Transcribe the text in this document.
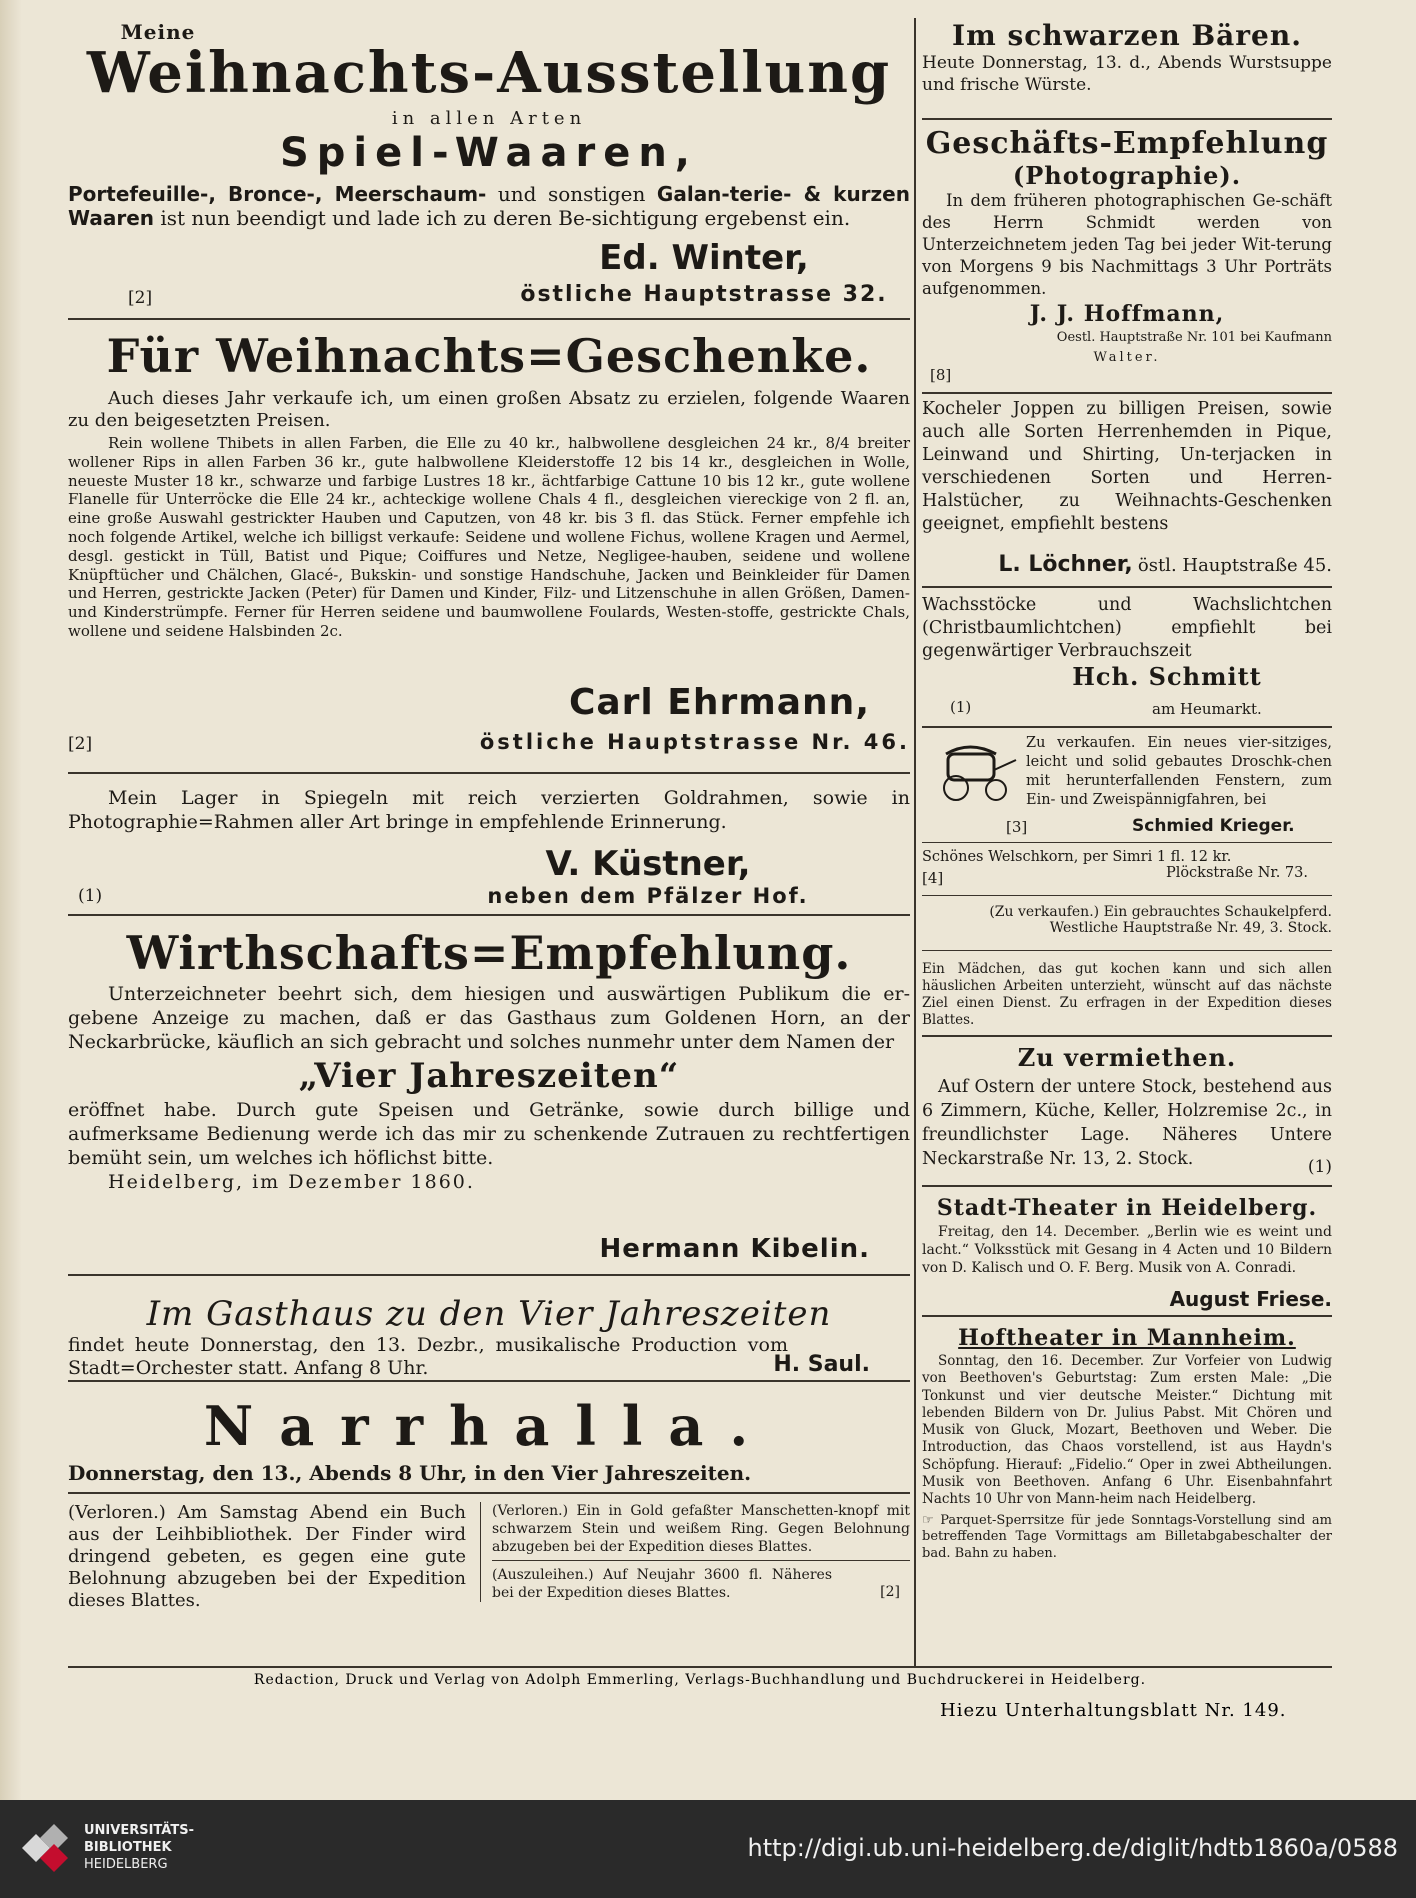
Meine
Weihnachts-Ausstellung
in allen Arten
Spiel-Waaren,
Portefeuille-, Bronce-, Meerschaum- und sonstigen Galan-terie- & kurzen Waaren ist nun beendigt und lade ich zu deren Be-sichtigung ergebenst ein.
Ed. Winter,
östliche Hauptstrasse 32.
[2]
Für Weihnachts=Geschenke.
Auch dieses Jahr verkaufe ich, um einen großen Absatz zu erzielen, folgende Waaren zu den beigesetzten Preisen.
Rein wollene Thibets in allen Farben, die Elle zu 40 kr., halbwollene desgleichen 24 kr., 8/4 breiter wollener Rips in allen Farben 36 kr., gute halbwollene Kleiderstoffe 12 bis 14 kr., desgleichen in Wolle, neueste Muster 18 kr., schwarze und farbige Lustres 18 kr., ächtfarbige Cattune 10 bis 12 kr., gute wollene Flanelle für Unterröcke die Elle 24 kr., achteckige wollene Chals 4 fl., desgleichen viereckige von 2 fl. an, eine große Auswahl gestrickter Hauben und Caputzen, von 48 kr. bis 3 fl. das Stück. Ferner empfehle ich noch folgende Artikel, welche ich billigst verkaufe: Seidene und wollene Fichus, wollene Kragen und Aermel, desgl. gestickt in Tüll, Batist und Pique; Coiffures und Netze, Negligee-hauben, seidene und wollene Knüpftücher und Chälchen, Glacé-, Bukskin- und sonstige Handschuhe, Jacken und Beinkleider für Damen und Herren, gestrickte Jacken (Peter) für Damen und Kinder, Filz- und Litzenschuhe in allen Größen, Damen- und Kinderstrümpfe. Ferner für Herren seidene und baumwollene Foulards, Westen-stoffe, gestrickte Chals, wollene und seidene Halsbinden 2c.
Carl Ehrmann,
östliche Hauptstrasse Nr. 46.
[2]
Mein Lager in Spiegeln mit reich verzierten Goldrahmen, sowie in Photographie=Rahmen aller Art bringe in empfehlende Erinnerung.
V. Küstner,
neben dem Pfälzer Hof.
(1)
Wirthschafts=Empfehlung.
Unterzeichneter beehrt sich, dem hiesigen und auswärtigen Publikum die er-gebene Anzeige zu machen, daß er das Gasthaus zum Goldenen Horn, an der Neckarbrücke, käuflich an sich gebracht und solches nunmehr unter dem Namen der
„Vier Jahreszeiten“
eröffnet habe. Durch gute Speisen und Getränke, sowie durch billige und aufmerksame Bedienung werde ich das mir zu schenkende Zutrauen zu rechtfertigen bemüht sein, um welches ich höflichst bitte.
Heidelberg, im Dezember 1860.
Hermann Kibelin.
Im Gasthaus zu den Vier Jahreszeiten
findet heute Donnerstag, den 13. Dezbr., musikalische Production vom Stadt=Orchester statt. Anfang 8 Uhr.	H. Saul.
Narrhalla.
Donnerstag, den 13., Abends 8 Uhr, in den Vier Jahreszeiten.
(Verloren.) Am Samstag Abend ein Buch aus der Leihbibliothek. Der Finder wird dringend gebeten, es gegen eine gute Belohnung abzugeben bei der Expedition dieses Blattes.
(Verloren.) Ein in Gold gefaßter Manschetten-knopf mit schwarzem Stein und weißem Ring. Gegen Belohnung abzugeben bei der Expedition dieses Blattes.
(Auszuleihen.) Auf Neujahr 3600 fl. Näheres bei der Expedition dieses Blattes.	[2]
Im schwarzen Bären.
Heute Donnerstag, 13. d., Abends Wurstsuppe und frische Würste.
Geschäfts-Empfehlung
(Photographie).
In dem früheren photographischen Ge-schäft des Herrn Schmidt werden von Unterzeichnetem jeden Tag bei jeder Wit-terung von Morgens 9 bis Nachmittags 3 Uhr Porträts aufgenommen.
J. J. Hoffmann,
Oestl. Hauptstraße Nr. 101 bei Kaufmann
Walter.
[8]
Kocheler Joppen zu billigen Preisen, sowie auch alle Sorten Herrenhemden in Pique, Leinwand und Shirting, Un-terjacken in verschiedenen Sorten und Herren-Halstücher, zu Weihnachts-Geschenken geeignet, empfiehlt bestens
L. Löchner, östl. Hauptstraße 45.
Wachsstöcke und Wachslichtchen (Christbaumlichtchen) empfiehlt bei gegenwärtiger Verbrauchszeit
Hch. Schmitt
am Heumarkt.
(1)
Zu verkaufen. Ein neues vier-sitziges, leicht und solid gebautes Droschk-chen mit herunterfallenden Fenstern, zum Ein- und Zweispännigfahren, bei
Schmied Krieger.
[3]
Schönes Welschkorn, per Simri 1 fl. 12 kr.
Plöckstraße Nr. 73.
[4]
(Zu verkaufen.) Ein gebrauchtes Schaukelpferd.
Westliche Hauptstraße Nr. 49, 3. Stock.
Ein Mädchen, das gut kochen kann und sich allen häuslichen Arbeiten unterzieht, wünscht auf das nächste Ziel einen Dienst. Zu erfragen in der Expedition dieses Blattes.
Zu vermiethen.
Auf Ostern der untere Stock, bestehend aus 6 Zimmern, Küche, Keller, Holzremise 2c., in freundlichster Lage. Näheres Untere Neckarstraße Nr. 13, 2. Stock.	(1)
Stadt-Theater in Heidelberg.
Freitag, den 14. December. „Berlin wie es weint und lacht.“ Volksstück mit Gesang in 4 Acten und 10 Bildern von D. Kalisch und O. F. Berg. Musik von A. Conradi.
August Friese.
Hoftheater in Mannheim.
Sonntag, den 16. December. Zur Vorfeier von Ludwig von Beethoven's Geburtstag: Zum ersten Male: „Die Tonkunst und vier deutsche Meister.“ Dichtung mit lebenden Bildern von Dr. Julius Pabst. Mit Chören und Musik von Gluck, Mozart, Beethoven und Weber. Die Introduction, das Chaos vorstellend, ist aus Haydn's Schöpfung. Hierauf: „Fidelio.“ Oper in zwei Abtheilungen. Musik von Beethoven. Anfang 6 Uhr. Eisenbahnfahrt Nachts 10 Uhr von Mann-heim nach Heidelberg.
☞ Parquet-Sperrsitze für jede Sonntags-Vorstellung sind am betreffenden Tage Vormittags am Billetabgabeschalter der bad. Bahn zu haben.
Redaction, Druck und Verlag von Adolph Emmerling, Verlags-Buchhandlung und Buchdruckerei in Heidelberg.
Hiezu Unterhaltungsblatt Nr. 149.
UNIVERSITÄTS-
BIBLIOTHEK
HEIDELBERG
http://digi.ub.uni-heidelberg.de/diglit/hdtb1860a/0588
